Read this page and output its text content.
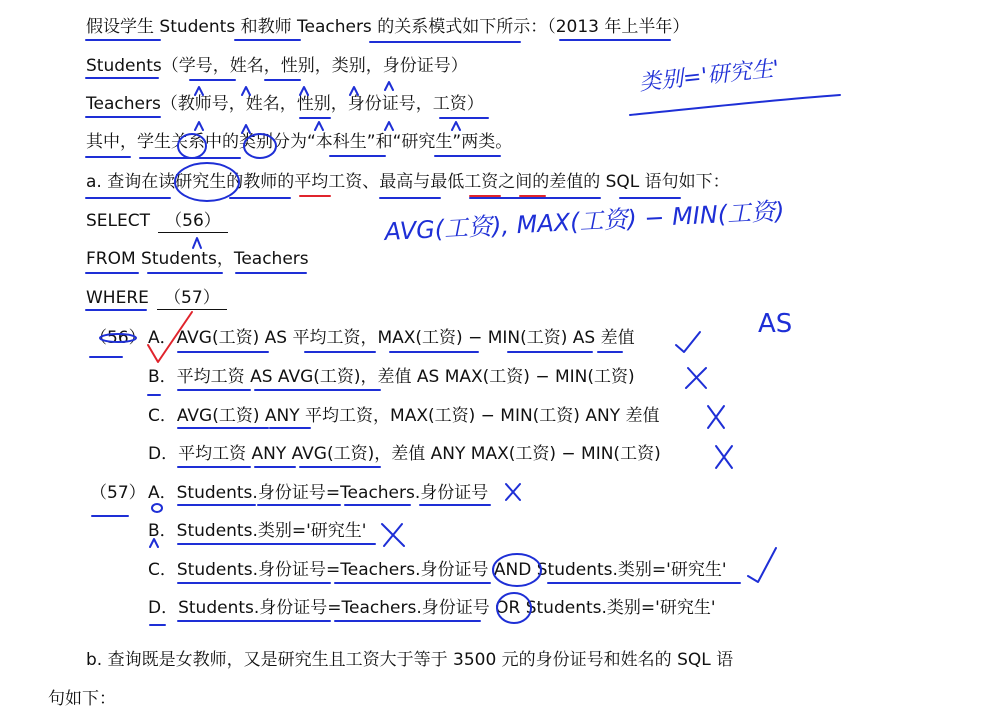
假设学生 Students 和教师 Teachers 的关系模式如下所示：（2013 年上半年）
Students（学号，姓名，性别，类别，身份证号）
Teachers（教师号，姓名，性别，身份证号，工资）
其中，学生关系中的类别分为“本科生”和“研究生”两类。
a. 查询在读研究生的教师的平均工资、最高与最低工资之间的差值的 SQL 语句如下：
SELECT （56）
FROM Students，Teachers
WHERE （57）
（56） A．AVG(工资) AS 平均工资，MAX(工资) − MIN(工资) AS 差值
B．平均工资 AS AVG(工资)，差值 AS MAX(工资) − MIN(工资)
C．AVG(工资) ANY 平均工资，MAX(工资) − MIN(工资) ANY 差值
D．平均工资 ANY AVG(工资)，差值 ANY MAX(工资) − MIN(工资)
（57） A．Students.身份证号=Teachers.身份证号
B．Students.类别='研究生'
C．Students.身份证号=Teachers.身份证号 AND Students.类别='研究生'
D．Students.身份证号=Teachers.身份证号 OR Students.类别='研究生'
b. 查询既是女教师，又是研究生且工资大于等于 3500 元的身份证号和姓名的 SQL 语
句如下：
类别='研究生'
AVG(工资), MAX(工资) − MIN(工资)
AS
